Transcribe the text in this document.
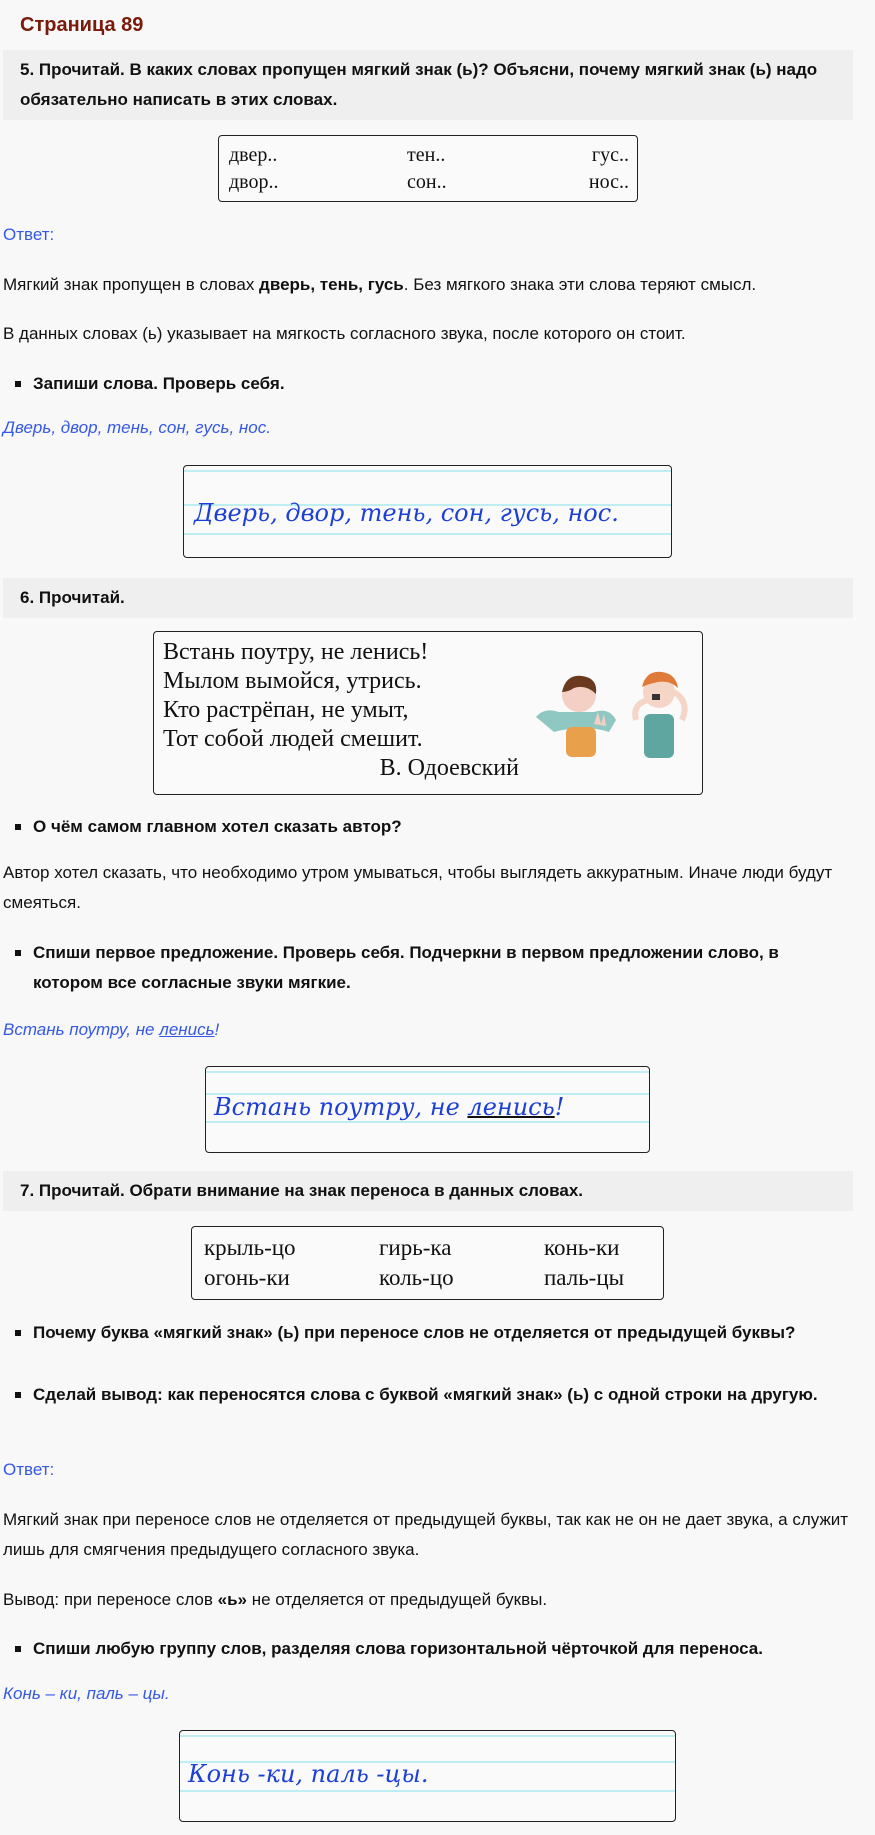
Страница 89
5. Прочитай. В каких словах пропущен мягкий знак (ь)? Объясни, почему мягкий знак (ь) надо обязательно написать в этих словах.
двер..	тен..	гус..
двор..	сон..	нос..
Ответ:
Мягкий знак пропущен в словах дверь, тень, гусь. Без мягкого знака эти слова теряют смысл.
В данных словах (ь) указывает на мягкость согласного звука, после которого он стоит.
Запиши слова. Проверь себя.
Дверь, двор, тень, сон, гусь, нос.
Дверь, двор, тень, сон, гусь, нос.
6. Прочитай.
Встань поутру, не ленись!
Мылом вымойся, утрись.
Кто растрёпан, не умыт,
Тот собой людей смешит.
В. Одоевский
О чём самом главном хотел сказать автор?
Автор хотел сказать, что необходимо утром умываться, чтобы выглядеть аккуратным. Иначе люди будут смеяться.
Спиши первое предложение. Проверь себя. Подчеркни в первом предложении слово, в котором все согласные звуки мягкие.
Встань поутру, не ленись!
Встань поутру, не ленись!
7. Прочитай. Обрати внимание на знак переноса в данных словах.
крыль-цо	гирь-ка	конь-ки
огонь-ки	коль-цо	паль-цы
Почему буква «мягкий знак» (ь) при переносе слов не отделяется от предыдущей буквы?
Сделай вывод: как переносятся слова с буквой «мягкий знак» (ь) с одной строки на другую.
Ответ:
Мягкий знак при переносе слов не отделяется от предыдущей буквы, так как не он не дает звука, а служит лишь для смягчения предыдущего согласного звука.
Вывод: при переносе слов «ь» не отделяется от предыдущей буквы.
Спиши любую группу слов, разделяя слова горизонтальной чёрточкой для переноса.
Конь – ки, паль – цы.
Конь -ки, паль -цы.
